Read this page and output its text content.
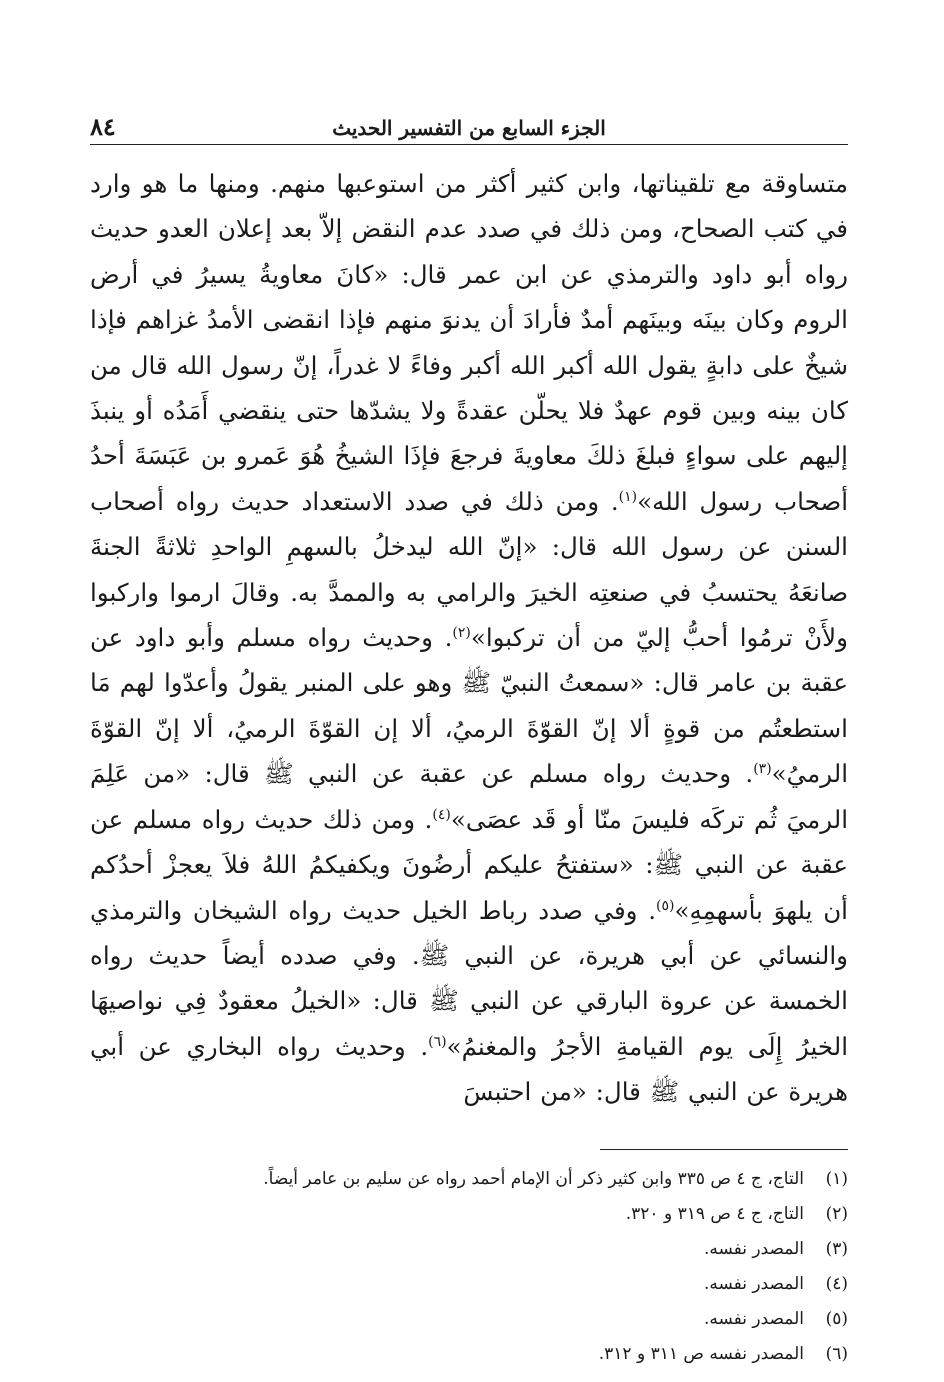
الجزء السابع من التفسير الحديث
٨٤

متساوقة مع تلقيناتها، وابن كثير أكثر من استوعبها منهم. ومنها ما هو وارد في كتب الصحاح، ومن ذلك في صدد عدم النقض إلاّ بعد إعلان العدو حديث رواه أبو داود والترمذي عن ابن عمر قال: «كانَ معاويةُ يسيرُ في أرض الروم وكان بينَه وبينَهم أمدٌ فأرادَ أن يدنوَ منهم فإذا انقضى الأمدُ غزاهم فإذا شيخٌ على دابةٍ يقول الله أكبر الله أكبر وفاءً لا غدراً، إنّ رسول الله قال من كان بينه وبين قوم عهدٌ فلا يحلّن عقدةً ولا يشدّها حتى ينقضي أَمَدُه أو ينبذَ إليهم على سواءٍ فبلغَ ذلكَ معاويةَ فرجعَ فإذَا الشيخُ هُوَ عَمرو بن عَبَسَةَ أحدُ أصحاب رسول الله»$^{(١)}$. ومن ذلك في صدد الاستعداد حديث رواه أصحاب السنن عن رسول الله قال: «إنّ الله ليدخلُ بالسهمِ الواحدِ ثلاثةً الجنةَ صانعَهُ يحتسبُ في صنعتِه الخيرَ والرامي به والممدَّ به. وقالَ ارموا واركبوا ولأَنْ ترمُوا أحبُّ إليّ من أن تركبوا»$^{(٢)}$. وحديث رواه مسلم وأبو داود عن عقبة بن عامر قال: «سمعتُ النبيّ ﷺ وهو على المنبر يقولُ وأعدّوا لهم مَا استطعتُم من قوةٍ ألا إنّ القوّةَ الرميُ، ألا إن القوّةَ الرميُ، ألا إنّ القوّةَ الرميُ»$^{(٣)}$. وحديث رواه مسلم عن عقبة عن النبي ﷺ قال: «من عَلِمَ الرميَ ثُم تركَه فليسَ منّا أو قَد عصَى»$^{(٤)}$. ومن ذلك حديث رواه مسلم عن عقبة عن النبي ﷺ: «ستفتحُ عليكم أرضُونَ ويكفيكمُ اللهُ فلاَ يعجزْ أحدُكم أن يلهوَ بأسهمِهِ»$^{(٥)}$. وفي صدد رباط الخيل حديث رواه الشيخان والترمذي والنسائي عن أبي هريرة، عن النبي ﷺ. وفي صدده أيضاً حديث رواه الخمسة عن عروة البارقي عن النبي ﷺ قال: «الخيلُ معقودٌ فِي نواصيهَا الخيرُ إِلَى يوم القيامةِ الأجرُ والمغنمُ»$^{(٦)}$. وحديث رواه البخاري عن أبي هريرة عن النبي ﷺ قال: «من احتبسَ

(١)
التاج، ج ٤ ص ٣٣٥ وابن كثير ذكر أن الإمام أحمد رواه عن سليم بن عامر أيضاً.
(٢)
التاج، ج ٤ ص ٣١٩ و ٣٢٠.
(٣)
المصدر نفسه.
(٤)
المصدر نفسه.
(٥)
المصدر نفسه.
(٦)
المصدر نفسه ص ٣١١ و ٣١٢.
